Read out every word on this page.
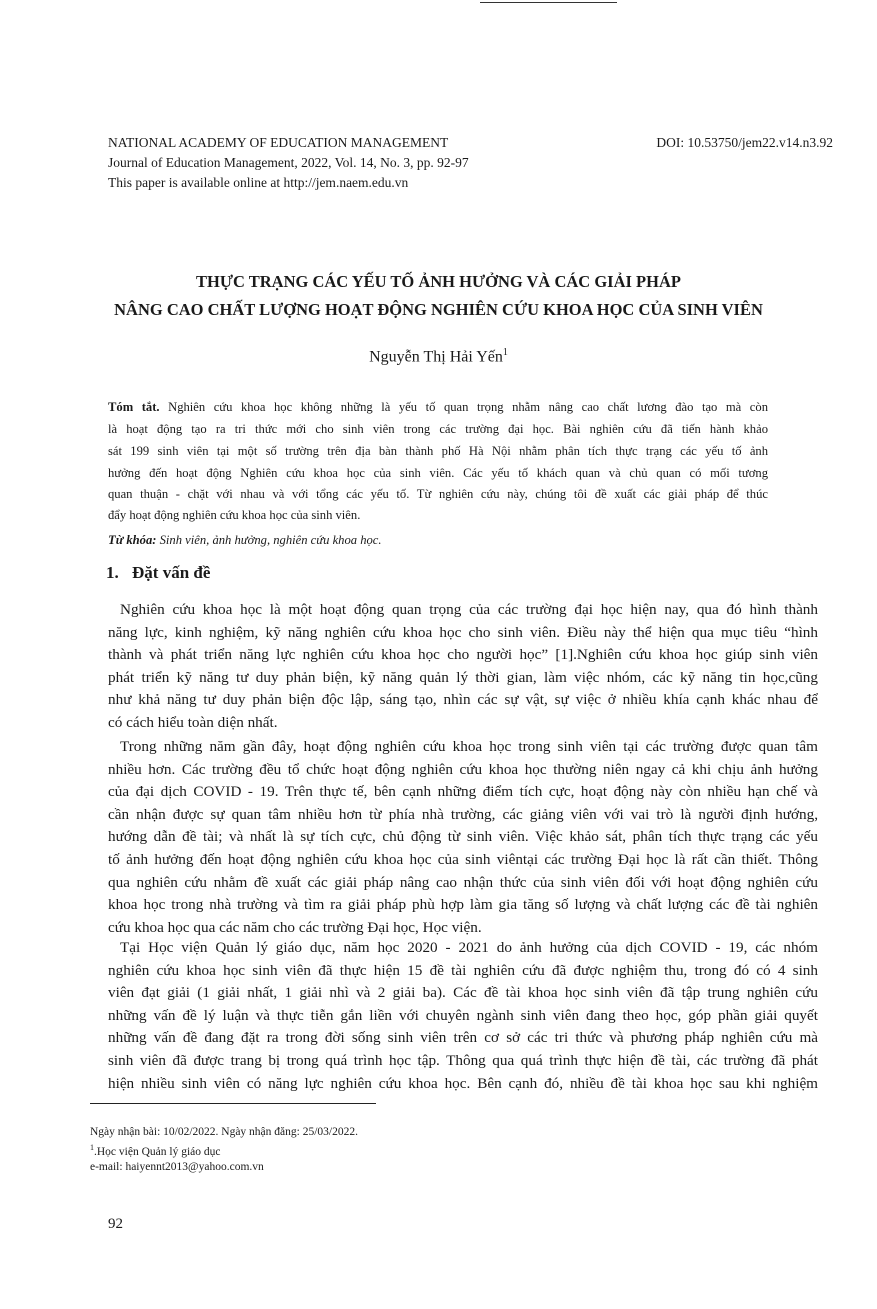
NATIONAL ACADEMY OF EDUCATION MANAGEMENT
Journal of Education Management, 2022, Vol. 14, No. 3, pp. 92-97
This paper is available online at http://jem.naem.edu.vn
DOI: 10.53750/jem22.v14.n3.92
THỰC TRẠNG CÁC YẾU TỐ ẢNH HƯỞNG VÀ CÁC GIẢI PHÁP
NÂNG CAO CHẤT LƯỢNG HOẠT ĐỘNG NGHIÊN CỨU KHOA HỌC CỦA SINH VIÊN
Nguyễn Thị Hải Yến$^1$
Tóm tắt. Nghiên cứu khoa học không những là yếu tố quan trọng nhằm nâng cao chất lương đào tạo mà còn
là hoạt động tạo ra tri thức mới cho sinh viên trong các trường đại học. Bài nghiên cứu đã tiến hành khảo
sát 199 sinh viên tại một số trường trên địa bàn thành phố Hà Nội nhằm phân tích thực trạng các yếu tố ảnh
hưởng đến hoạt động Nghiên cứu khoa học của sinh viên. Các yếu tố khách quan và chủ quan có mối tương
quan thuận - chặt với nhau và với tổng các yếu tố. Từ nghiên cứu này, chúng tôi đề xuất các giải pháp để thúc
đẩy hoạt động nghiên cứu khoa học của sinh viên.
Từ khóa: Sinh viên, ảnh hưởng, nghiên cứu khoa học.
1. Đặt vấn đề
Nghiên cứu khoa học là một hoạt động quan trọng của các trường đại học hiện nay, qua đó hình thành
năng lực, kinh nghiệm, kỹ năng nghiên cứu khoa học cho sinh viên. Điều này thể hiện qua mục tiêu “hình
thành và phát triển năng lực nghiên cứu khoa học cho người học” [1].Nghiên cứu khoa học giúp sinh viên
phát triển kỹ năng tư duy phản biện, kỹ năng quản lý thời gian, làm việc nhóm, các kỹ năng tin học,cũng
như khả năng tư duy phản biện độc lập, sáng tạo, nhìn các sự vật, sự việc ở nhiều khía cạnh khác nhau để
có cách hiểu toàn diện nhất.
Trong những năm gần đây, hoạt động nghiên cứu khoa học trong sinh viên tại các trường được quan tâm
nhiều hơn. Các trường đều tổ chức hoạt động nghiên cứu khoa học thường niên ngay cả khi chịu ảnh hưởng
của đại dịch COVID - 19. Trên thực tế, bên cạnh những điểm tích cực, hoạt động này còn nhiều hạn chế và
cần nhận được sự quan tâm nhiều hơn từ phía nhà trường, các giảng viên với vai trò là người định hướng,
hướng dẫn đề tài; và nhất là sự tích cực, chủ động từ sinh viên. Việc khảo sát, phân tích thực trạng các yếu
tố ảnh hưởng đến hoạt động nghiên cứu khoa học của sinh viêntại các trường Đại học là rất cần thiết. Thông
qua nghiên cứu nhằm đề xuất các giải pháp nâng cao nhận thức của sinh viên đối với hoạt động nghiên cứu
khoa học trong nhà trường và tìm ra giải pháp phù hợp làm gia tăng số lượng và chất lượng các đề tài nghiên
cứu khoa học qua các năm cho các trường Đại học, Học viện.
Tại Học viện Quản lý giáo dục, năm học 2020 - 2021 do ảnh hưởng của dịch COVID - 19, các nhóm
nghiên cứu khoa học sinh viên đã thực hiện 15 đề tài nghiên cứu đã được nghiệm thu, trong đó có 4 sinh
viên đạt giải (1 giải nhất, 1 giải nhì và 2 giải ba). Các đề tài khoa học sinh viên đã tập trung nghiên cứu
những vấn đề lý luận và thực tiễn gắn liền với chuyên ngành sinh viên đang theo học, góp phần giải quyết
những vấn đề đang đặt ra trong đời sống sinh viên trên cơ sở các tri thức và phương pháp nghiên cứu mà
sinh viên đã được trang bị trong quá trình học tập. Thông qua quá trình thực hiện đề tài, các trường đã phát
hiện nhiều sinh viên có năng lực nghiên cứu khoa học. Bên cạnh đó, nhiều đề tài khoa học sau khi nghiệm
Ngày nhận bài: 10/02/2022. Ngày nhận đăng: 25/03/2022.
$^1$.Học viện Quản lý giáo dục
e-mail: haiyennt2013@yahoo.com.vn
92
